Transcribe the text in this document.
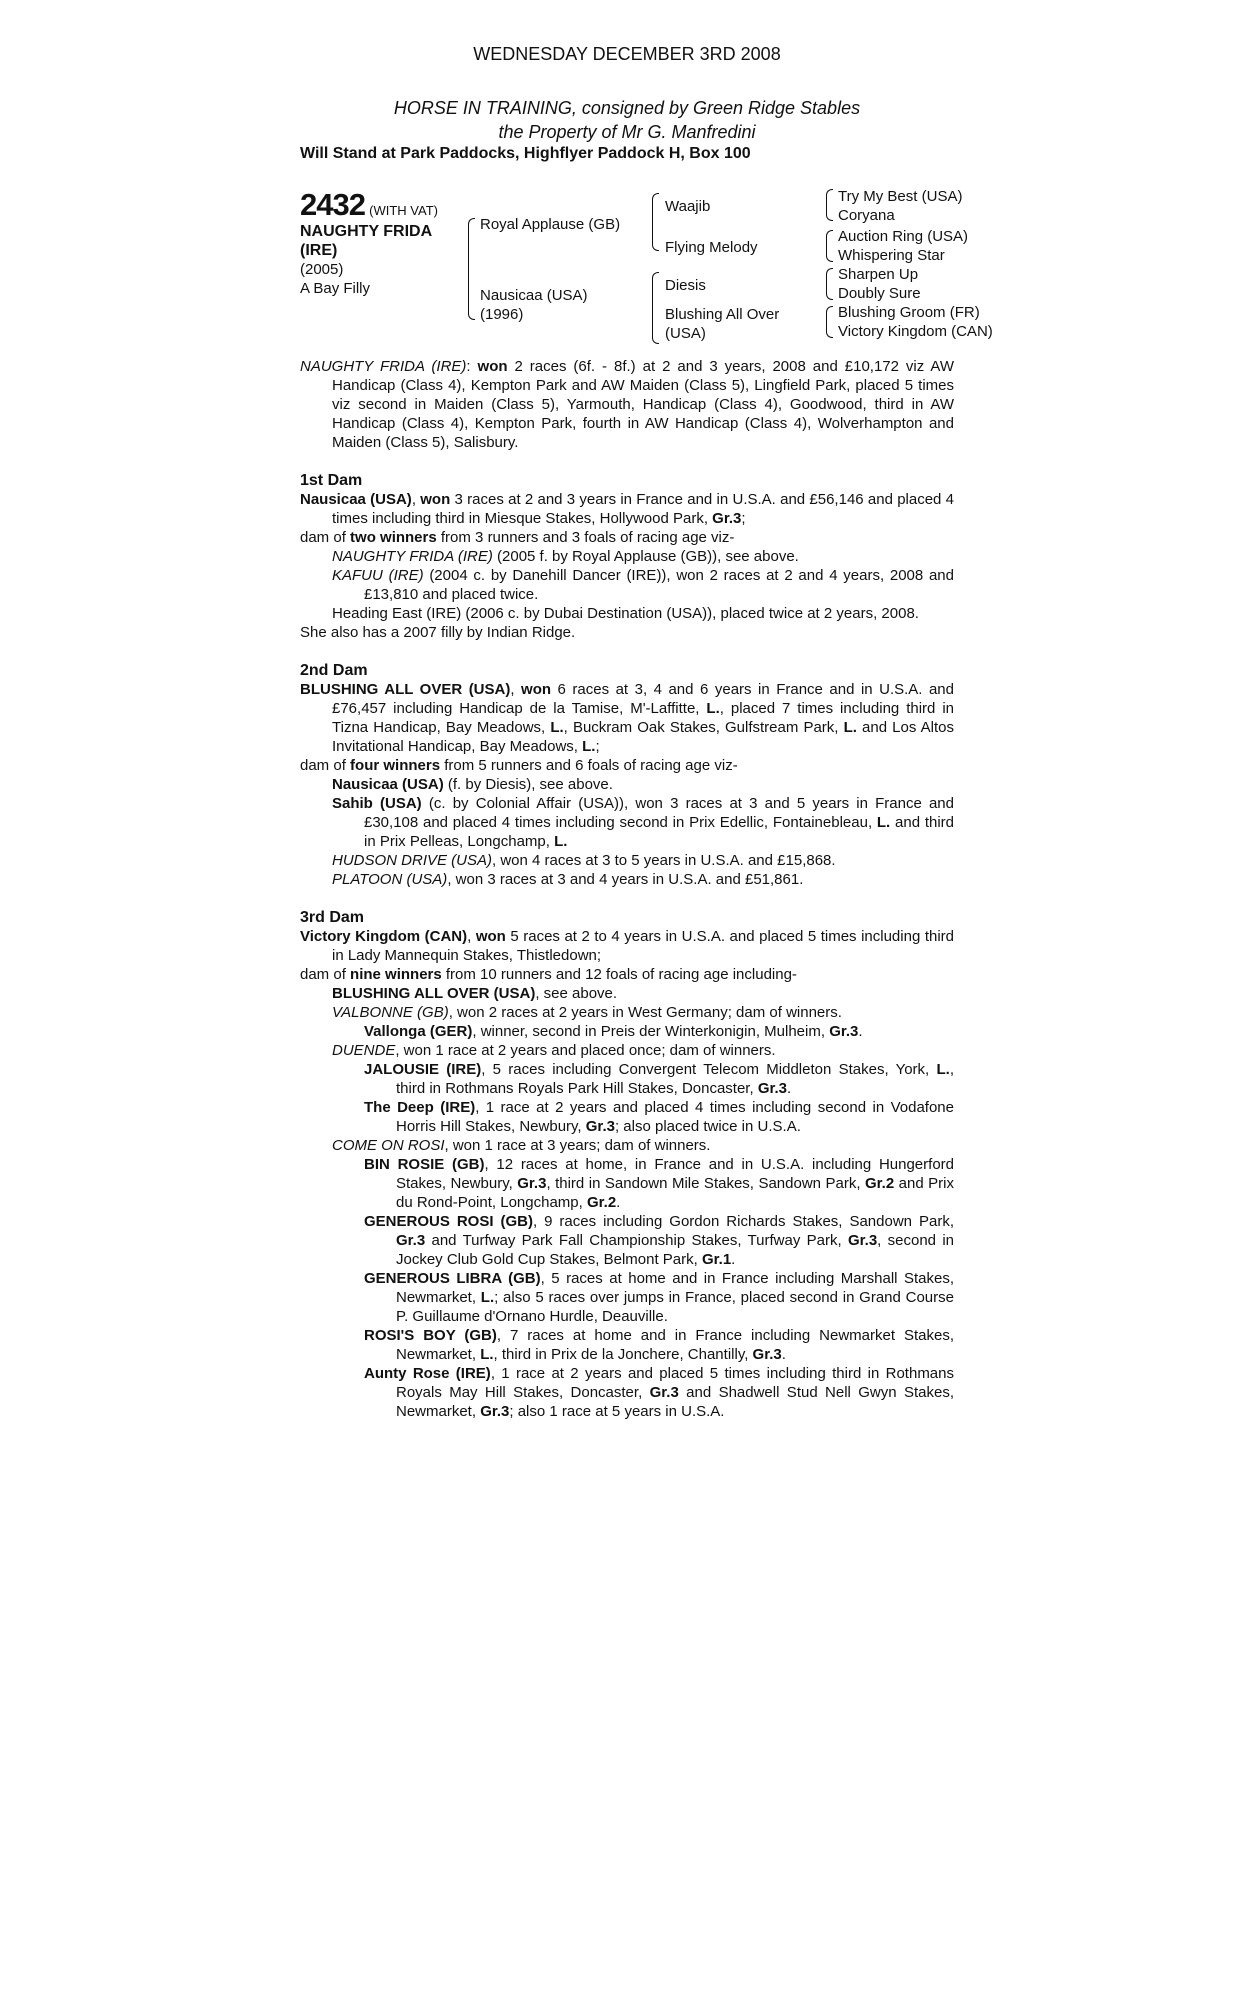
WEDNESDAY DECEMBER 3RD 2008
HORSE IN TRAINING, consigned by Green Ridge Stables
the Property of Mr G. Manfredini
Will Stand at Park Paddocks, Highflyer Paddock H, Box 100
2432 (WITH VAT)
NAUGHTY FRIDA
(IRE)
(2005)
A Bay Filly
Royal Applause (GB)
Nausicaa (USA)
(1996)
Waajib
Flying Melody
Diesis
Blushing All Over
(USA)
Try My Best (USA)
Coryana
Auction Ring (USA)
Whispering Star
Sharpen Up
Doubly Sure
Blushing Groom (FR)
Victory Kingdom (CAN)

NAUGHTY FRIDA (IRE): won 2 races (6f. - 8f.) at 2 and 3 years, 2008 and £10,172 viz AW Handicap (Class 4), Kempton Park and AW Maiden (Class 5), Lingfield Park, placed 5 times viz second in Maiden (Class 5), Yarmouth, Handicap (Class 4), Goodwood, third in AW Handicap (Class 4), Kempton Park, fourth in AW Handicap (Class 4), Wolverhampton and Maiden (Class 5), Salisbury.

1st Dam

Nausicaa (USA), won 3 races at 2 and 3 years in France and in U.S.A. and £56,146 and placed 4 times including third in Miesque Stakes, Hollywood Park, Gr.3;

dam of two winners from 3 runners and 3 foals of racing age viz-

NAUGHTY FRIDA (IRE) (2005 f. by Royal Applause (GB)), see above.

KAFUU (IRE) (2004 c. by Danehill Dancer (IRE)), won 2 races at 2 and 4 years, 2008 and £13,810 and placed twice.

Heading East (IRE) (2006 c. by Dubai Destination (USA)), placed twice at 2 years, 2008.

She also has a 2007 filly by Indian Ridge.

2nd Dam

BLUSHING ALL OVER (USA), won 6 races at 3, 4 and 6 years in France and in U.S.A. and £76,457 including Handicap de la Tamise, M'-Laffitte, L., placed 7 times including third in Tizna Handicap, Bay Meadows, L., Buckram Oak Stakes, Gulfstream Park, L. and Los Altos Invitational Handicap, Bay Meadows, L.;

dam of four winners from 5 runners and 6 foals of racing age viz-

Nausicaa (USA) (f. by Diesis), see above.

Sahib (USA) (c. by Colonial Affair (USA)), won 3 races at 3 and 5 years in France and £30,108 and placed 4 times including second in Prix Edellic, Fontainebleau, L. and third in Prix Pelleas, Longchamp, L.

HUDSON DRIVE (USA), won 4 races at 3 to 5 years in U.S.A. and £15,868.

PLATOON (USA), won 3 races at 3 and 4 years in U.S.A. and £51,861.

3rd Dam

Victory Kingdom (CAN), won 5 races at 2 to 4 years in U.S.A. and placed 5 times including third in Lady Mannequin Stakes, Thistledown;

dam of nine winners from 10 runners and 12 foals of racing age including-

BLUSHING ALL OVER (USA), see above.

VALBONNE (GB), won 2 races at 2 years in West Germany; dam of winners.

Vallonga (GER), winner, second in Preis der Winterkonigin, Mulheim, Gr.3.

DUENDE, won 1 race at 2 years and placed once; dam of winners.

JALOUSIE (IRE), 5 races including Convergent Telecom Middleton Stakes, York, L., third in Rothmans Royals Park Hill Stakes, Doncaster, Gr.3.

The Deep (IRE), 1 race at 2 years and placed 4 times including second in Vodafone Horris Hill Stakes, Newbury, Gr.3; also placed twice in U.S.A.

COME ON ROSI, won 1 race at 3 years; dam of winners.

BIN ROSIE (GB), 12 races at home, in France and in U.S.A. including Hungerford Stakes, Newbury, Gr.3, third in Sandown Mile Stakes, Sandown Park, Gr.2 and Prix du Rond-Point, Longchamp, Gr.2.

GENEROUS ROSI (GB), 9 races including Gordon Richards Stakes, Sandown Park, Gr.3 and Turfway Park Fall Championship Stakes, Turfway Park, Gr.3, second in Jockey Club Gold Cup Stakes, Belmont Park, Gr.1.

GENEROUS LIBRA (GB), 5 races at home and in France including Marshall Stakes, Newmarket, L.; also 5 races over jumps in France, placed second in Grand Course P. Guillaume d'Ornano Hurdle, Deauville.

ROSI'S BOY (GB), 7 races at home and in France including Newmarket Stakes, Newmarket, L., third in Prix de la Jonchere, Chantilly, Gr.3.

Aunty Rose (IRE), 1 race at 2 years and placed 5 times including third in Rothmans Royals May Hill Stakes, Doncaster, Gr.3 and Shadwell Stud Nell Gwyn Stakes, Newmarket, Gr.3; also 1 race at 5 years in U.S.A.
